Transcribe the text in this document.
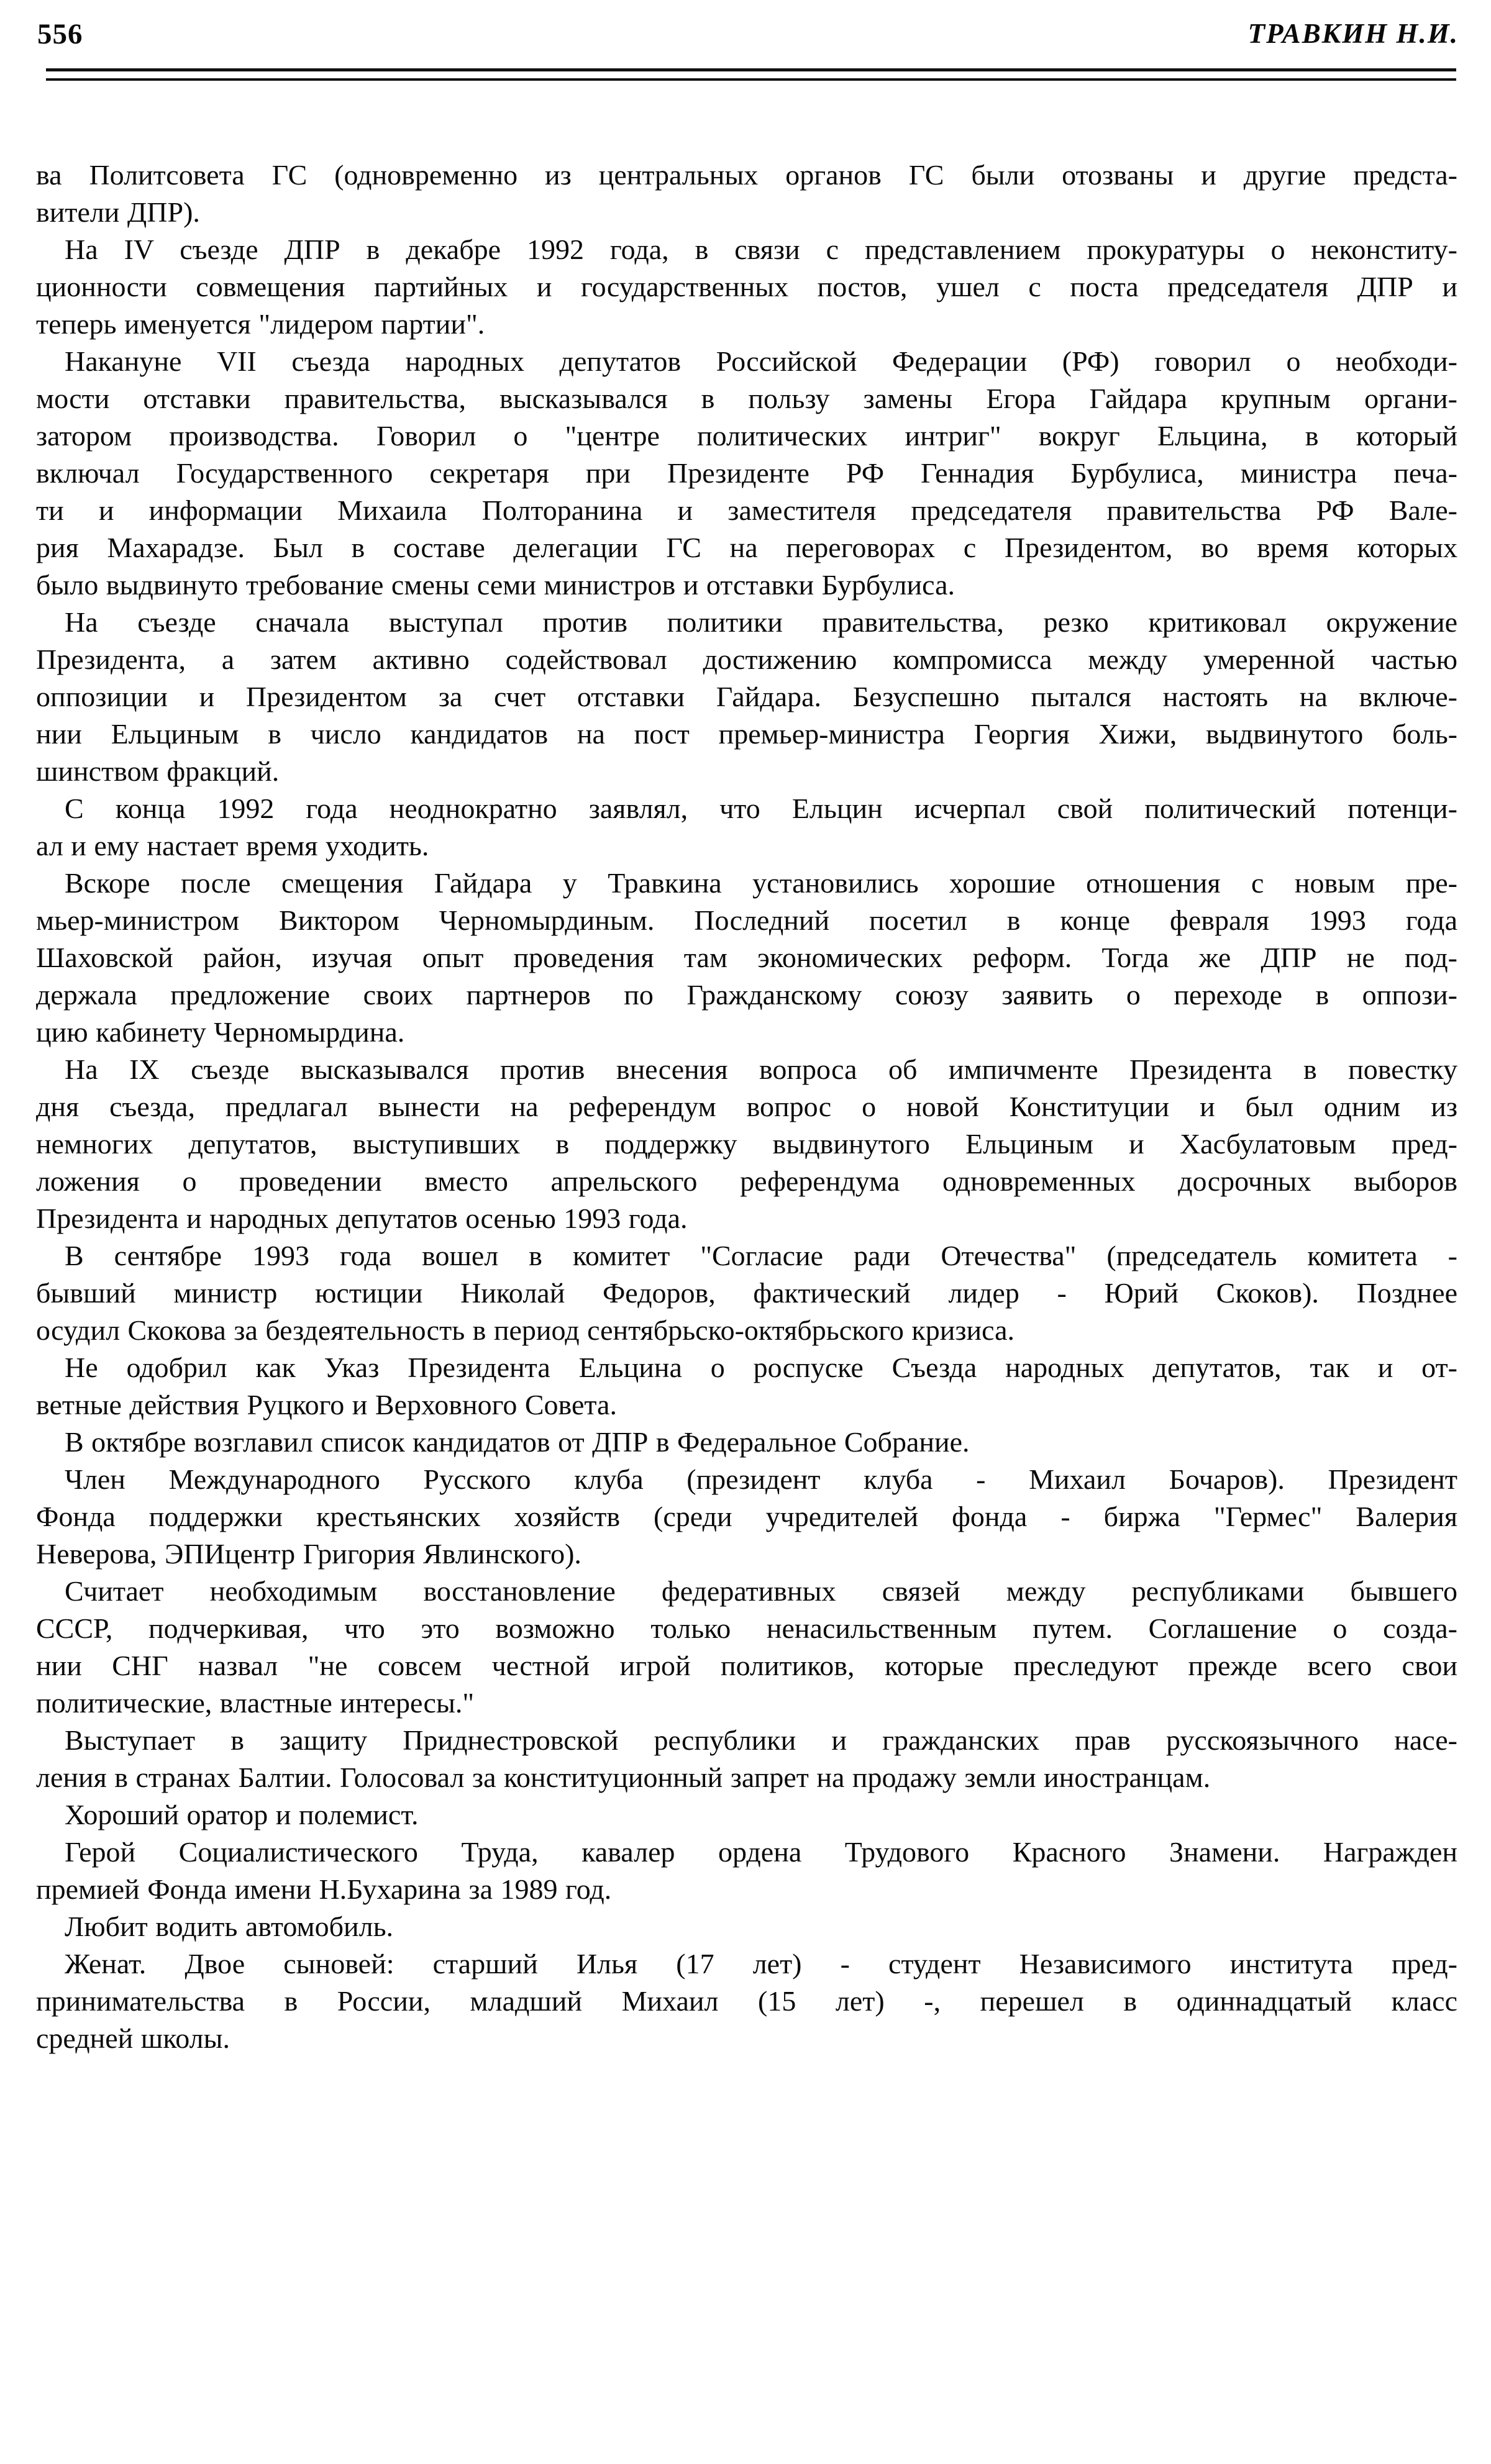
556	ТРАВКИН Н.И.
ва Политсовета ГС (одновременно из центральных органов ГС были отозваны и другие предста-
вители ДПР).
На IV съезде ДПР в декабре 1992 года, в связи с представлением прокуратуры о неконститу-
ционности совмещения партийных и государственных постов, ушел с поста председателя ДПР и
теперь именуется "лидером партии".
Накануне VII съезда народных депутатов Российской Федерации (РФ) говорил о необходи-
мости отставки правительства, высказывался в пользу замены Егора Гайдара крупным органи-
затором производства. Говорил о "центре политических интриг" вокруг Ельцина, в который
включал Государственного секретаря при Президенте РФ Геннадия Бурбулиса, министра печа-
ти и информации Михаила Полторанина и заместителя председателя правительства РФ Вале-
рия Махарадзе. Был в составе делегации ГС на переговорах с Президентом, во время которых
было выдвинуто требование смены семи министров и отставки Бурбулиса.
На съезде сначала выступал против политики правительства, резко критиковал окружение
Президента, а затем активно содействовал достижению компромисса между умеренной частью
оппозиции и Президентом за счет отставки Гайдара. Безуспешно пытался настоять на включе-
нии Ельциным в число кандидатов на пост премьер-министра Георгия Хижи, выдвинутого боль-
шинством фракций.
С конца 1992 года неоднократно заявлял, что Ельцин исчерпал свой политический потенци-
ал и ему настает время уходить.
Вскоре после смещения Гайдара у Травкина установились хорошие отношения с новым пре-
мьер-министром Виктором Черномырдиным. Последний посетил в конце февраля 1993 года
Шаховской район, изучая опыт проведения там экономических реформ. Тогда же ДПР не под-
держала предложение своих партнеров по Гражданскому союзу заявить о переходе в оппози-
цию кабинету Черномырдина.
На IX съезде высказывался против внесения вопроса об импичменте Президента в повестку
дня съезда, предлагал вынести на референдум вопрос о новой Конституции и был одним из
немногих депутатов, выступивших в поддержку выдвинутого Ельциным и Хасбулатовым пред-
ложения о проведении вместо апрельского референдума одновременных досрочных выборов
Президента и народных депутатов осенью 1993 года.
В сентябре 1993 года вошел в комитет "Согласие ради Отечества" (председатель комитета -
бывший министр юстиции Николай Федоров, фактический лидер - Юрий Скоков). Позднее
осудил Скокова за бездеятельность в период сентябрьско-октябрьского кризиса.
Не одобрил как Указ Президента Ельцина о роспуске Съезда народных депутатов, так и от-
ветные действия Руцкого и Верховного Совета.
В октябре возглавил список кандидатов от ДПР в Федеральное Собрание.
Член Международного Русского клуба (президент клуба - Михаил Бочаров). Президент
Фонда поддержки крестьянских хозяйств (среди учредителей фонда - биржа "Гермес" Валерия
Неверова, ЭПИцентр Григория Явлинского).
Считает необходимым восстановление федеративных связей между республиками бывшего
СССР, подчеркивая, что это возможно только ненасильственным путем. Соглашение о созда-
нии СНГ назвал "не совсем честной игрой политиков, которые преследуют прежде всего свои
политические, властные интересы."
Выступает в защиту Приднестровской республики и гражданских прав русскоязычного насе-
ления в странах Балтии. Голосовал за конституционный запрет на продажу земли иностранцам.
Хороший оратор и полемист.
Герой Социалистического Труда, кавалер ордена Трудового Красного Знамени. Награжден
премией Фонда имени Н.Бухарина за 1989 год.
Любит водить автомобиль.
Женат. Двое сыновей: старший Илья (17 лет) - студент Независимого института пред-
принимательства в России, младший Михаил (15 лет) -, перешел в одиннадцатый класс
средней школы.
